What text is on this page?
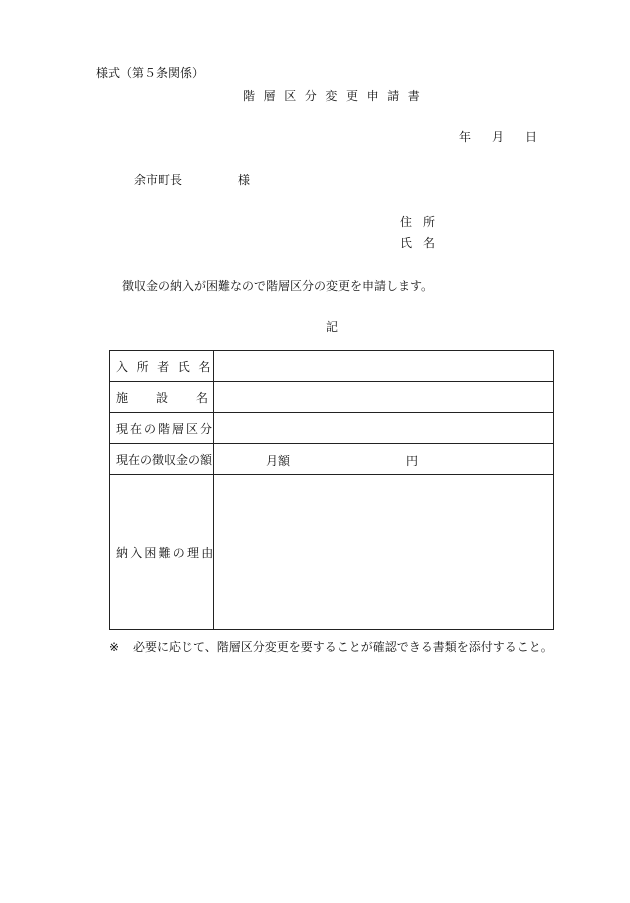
様式（第５条関係）
階層区分変更申請書
年 月 日
余市町長	様
住所
氏名
徴収金の納入が困難なので階層区分の変更を申請します。
記
入所者氏名	
施設名	
現在の階層区分	
現在の徴収金の額	月額 円

納入困難の理由	
※ 必要に応じて、階層区分変更を要することが確認できる書類を添付すること。
